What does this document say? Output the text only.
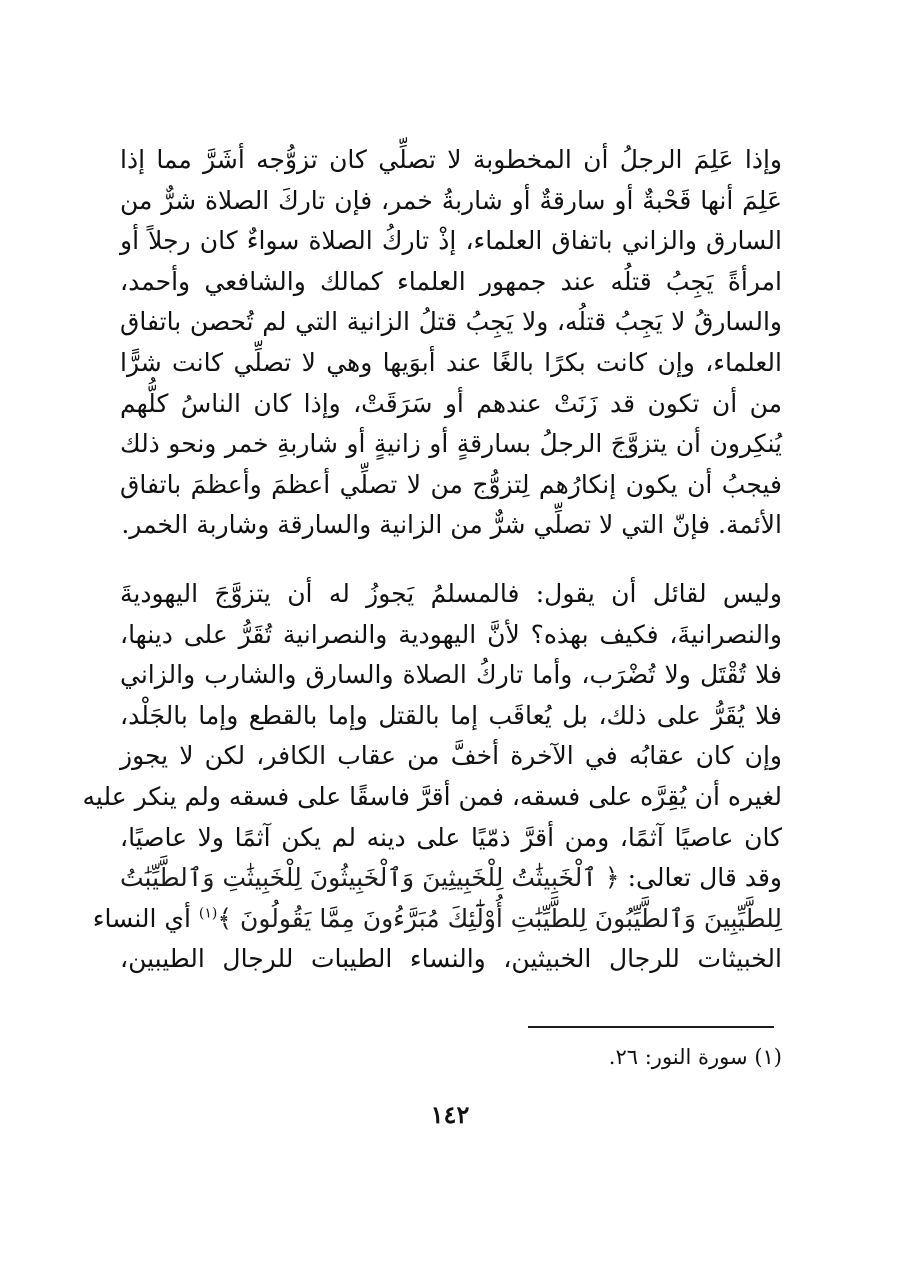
وإذا عَلِمَ الرجلُ أن المخطوبة لا تصلِّي كان تزوُّجه أشَرَّ مما إذا
عَلِمَ أنها قَحْبةٌ أو سارقةٌ أو شاربةُ خمر، فإن تاركَ الصلاة شرٌّ من
السارق والزاني باتفاق العلماء، إذْ تاركُ الصلاة سواءٌ كان رجلاً أو
امرأةً يَجِبُ قتلُه عند جمهور العلماء كمالك والشافعي وأحمد،
والسارقُ لا يَجِبُ قتلُه، ولا يَجِبُ قتلُ الزانية التي لم تُحصن باتفاق
العلماء، وإن كانت بكرًا بالغًا عند أبوَيها وهي لا تصلِّي كانت شرًّا
من أن تكون قد زَنَتْ عندهم أو سَرَقَتْ، وإذا كان الناسُ كلُّهم
يُنكِرون أن يتزوَّجَ الرجلُ بسارقةٍ أو زانيةٍ أو شاربةِ خمر ونحو ذلك
فيجبُ أن يكون إنكارُهم لِتزوُّج من لا تصلِّي أعظمَ وأعظمَ باتفاق
الأئمة. فإنّ التي لا تصلِّي شرٌّ من الزانية والسارقة وشاربة الخمر.
وليس لقائل أن يقول: فالمسلمُ يَجوزُ له أن يتزوَّجَ اليهوديةَ
والنصرانيةَ، فكيف بهذه؟ لأنَّ اليهودية والنصرانية تُقَرُّ على دينها،
فلا تُقْتَل ولا تُضْرَب، وأما تاركُ الصلاة والسارق والشارب والزاني
فلا يُقَرُّ على ذلك، بل يُعاقَب إما بالقتل وإما بالقطع وإما بالجَلْد،
وإن كان عقابُه في الآخرة أخفَّ من عقاب الكافر، لكن لا يجوز
لغيره أن يُقِرَّه على فسقه، فمن أقرَّ فاسقًا على فسقه ولم ينكر عليه
كان عاصيًا آثمًا، ومن أقرَّ ذمّيًا على دينه لم يكن آثمًا ولا عاصيًا،
وقد قال تعالى: ﴿ ٱلْخَبِيثَٰتُ لِلْخَبِيثِينَ وَٱلْخَبِيثُونَ لِلْخَبِيثَٰتِ وَٱلطَّيِّبَٰتُ
لِلطَّيِّبِينَ وَٱلطَّيِّبُونَ لِلطَّيِّبَٰتِ أُوْلَٰٓئِكَ مُبَرَّءُونَ مِمَّا يَقُولُونَ ﴾$^{(١)}$ أي النساء
الخبيثات للرجال الخبيثين، والنساء الطيبات للرجال الطيبين،
(١) سورة النور: ٢٦.
١٤٢
